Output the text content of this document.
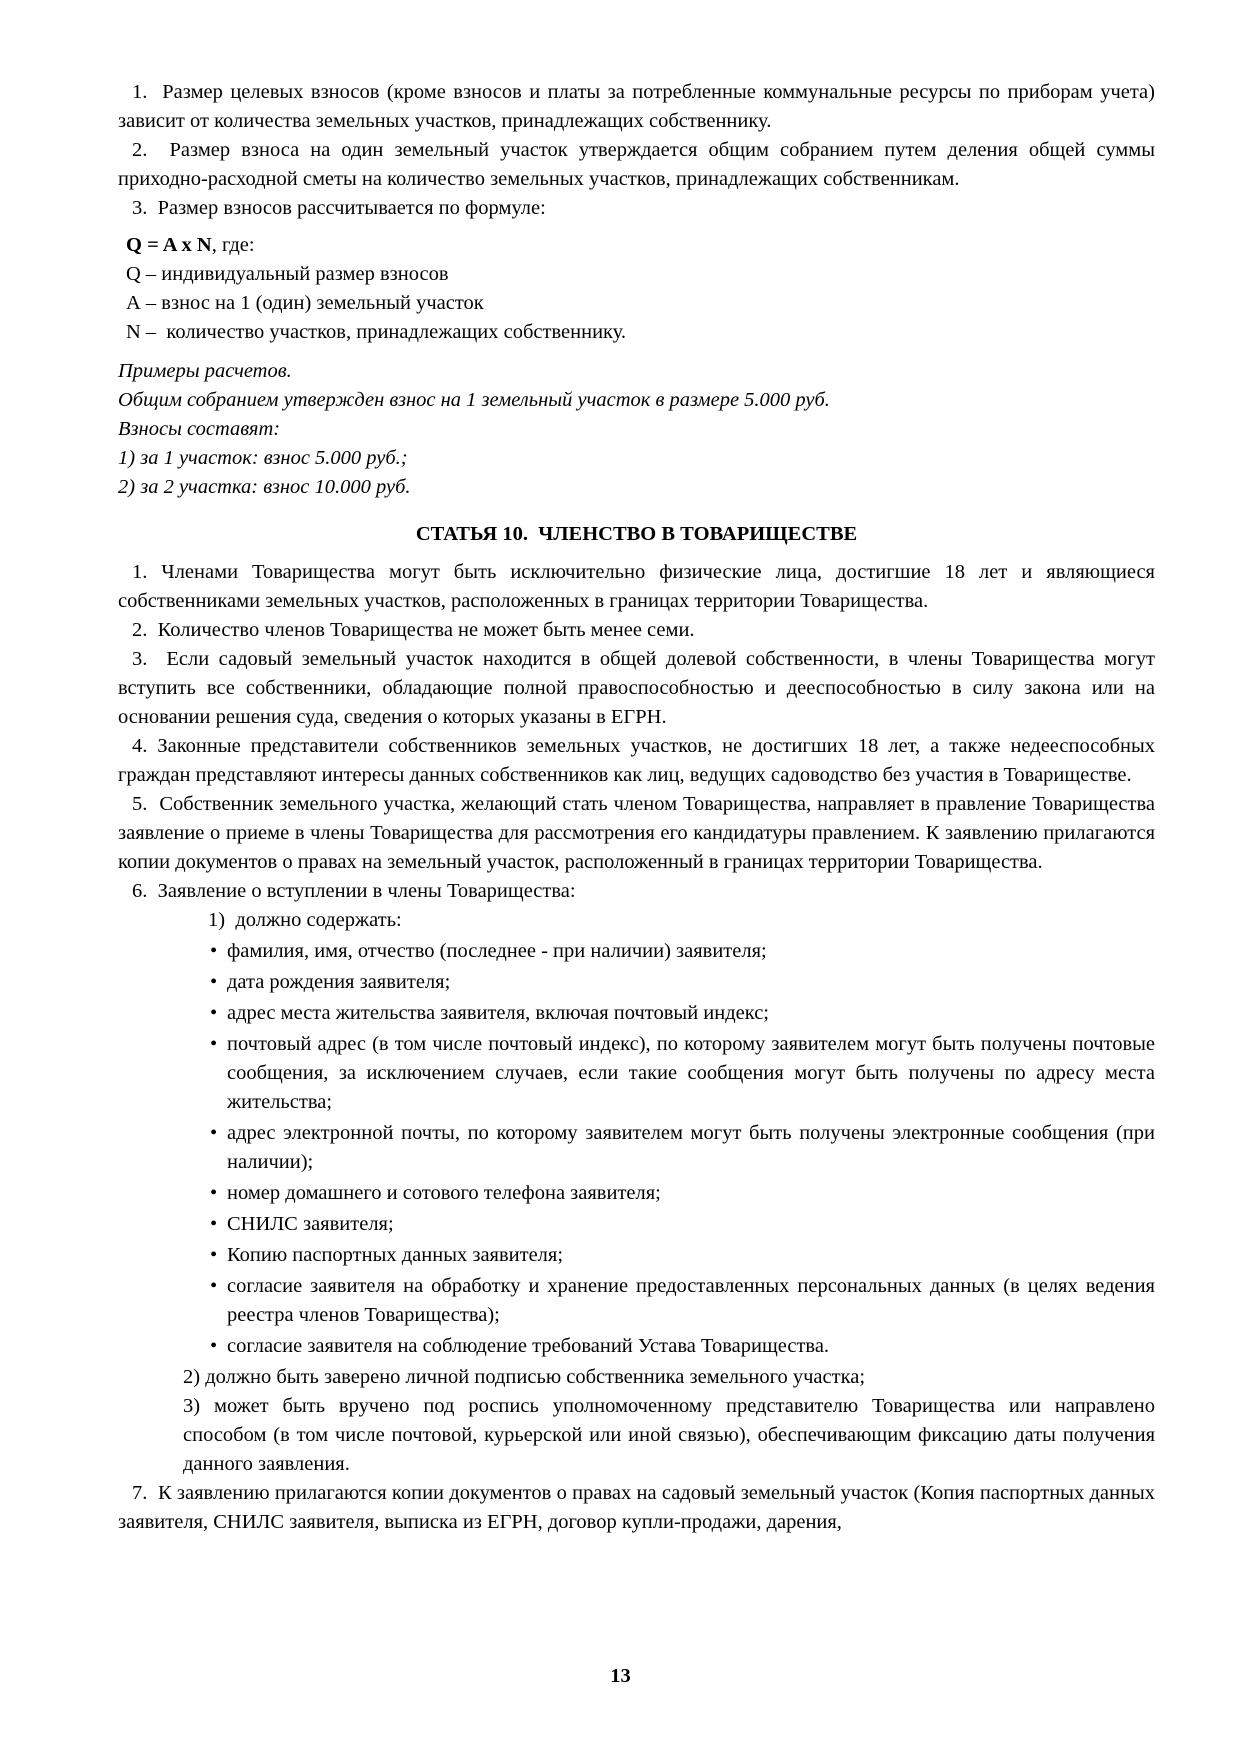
1.  Размер целевых взносов (кроме взносов и платы за потребленные коммунальные ресурсы по приборам учета) зависит от количества земельных участков, принадлежащих собственнику.

2.  Размер взноса на один земельный участок утверждается общим собранием путем деления общей суммы приходно-расходной сметы на количество земельных участков, принадлежащих собственникам.

3.  Размер взносов рассчитывается по формуле:

Q = A x N, где:

Q – индивидуальный размер взносов

А – взнос на 1 (один) земельный участок

N –  количество участков, принадлежащих собственнику.

Примеры расчетов.

Общим собранием утвержден взнос на 1 земельный участок в размере 5.000 руб.

Взносы составят:

1) за 1 участок: взнос 5.000 руб.;

2) за 2 участка: взнос 10.000 руб.

СТАТЬЯ 10.  ЧЛЕНСТВО В ТОВАРИЩЕСТВЕ

1. Членами Товарищества могут быть исключительно физические лица, достигшие 18 лет и являющиеся собственниками земельных участков, расположенных в границах территории Товарищества.

2.  Количество членов Товарищества не может быть менее семи.

3.  Если садовый земельный участок находится в общей долевой собственности, в члены Товарищества могут вступить все собственники, обладающие полной правоспособностью и дееспособностью в силу закона или на основании решения суда, сведения о которых указаны в ЕГРН.

4. Законные представители собственников земельных участков, не достигших 18 лет, а также недееспособных граждан представляют интересы данных собственников как лиц, ведущих садоводство без участия в Товариществе.

5.  Собственник земельного участка, желающий стать членом Товарищества, направляет в правление Товарищества заявление о приеме в члены Товарищества для рассмотрения его кандидатуры правлением. К заявлению прилагаются копии документов о правах на земельный участок, расположенный в границах территории Товарищества.

6.  Заявление о вступлении в члены Товарищества:

1)  должно содержать:

• фамилия, имя, отчество (последнее - при наличии) заявителя;
• дата рождения заявителя;
• адрес места жительства заявителя, включая почтовый индекс;
• почтовый адрес (в том числе почтовый индекс), по которому заявителем могут быть получены почтовые сообщения, за исключением случаев, если такие сообщения могут быть получены по адресу места жительства;
• адрес электронной почты, по которому заявителем могут быть получены электронные сообщения (при наличии);
• номер домашнего и сотового телефона заявителя;
• СНИЛС заявителя;
• Копию паспортных данных заявителя;
• согласие заявителя на обработку и хранение предоставленных персональных данных (в целях ведения реестра членов Товарищества);
• согласие заявителя на соблюдение требований Устава Товарищества.

2) должно быть заверено личной подписью собственника земельного участка;

3) может быть вручено под роспись уполномоченному представителю Товарищества или направлено способом (в том числе почтовой, курьерской или иной связью), обеспечивающим фиксацию даты получения данного заявления.

7.  К заявлению прилагаются копии документов о правах на садовый земельный участок (Копия паспортных данных заявителя, СНИЛС заявителя, выписка из ЕГРН, договор купли-продажи, дарения,

13
